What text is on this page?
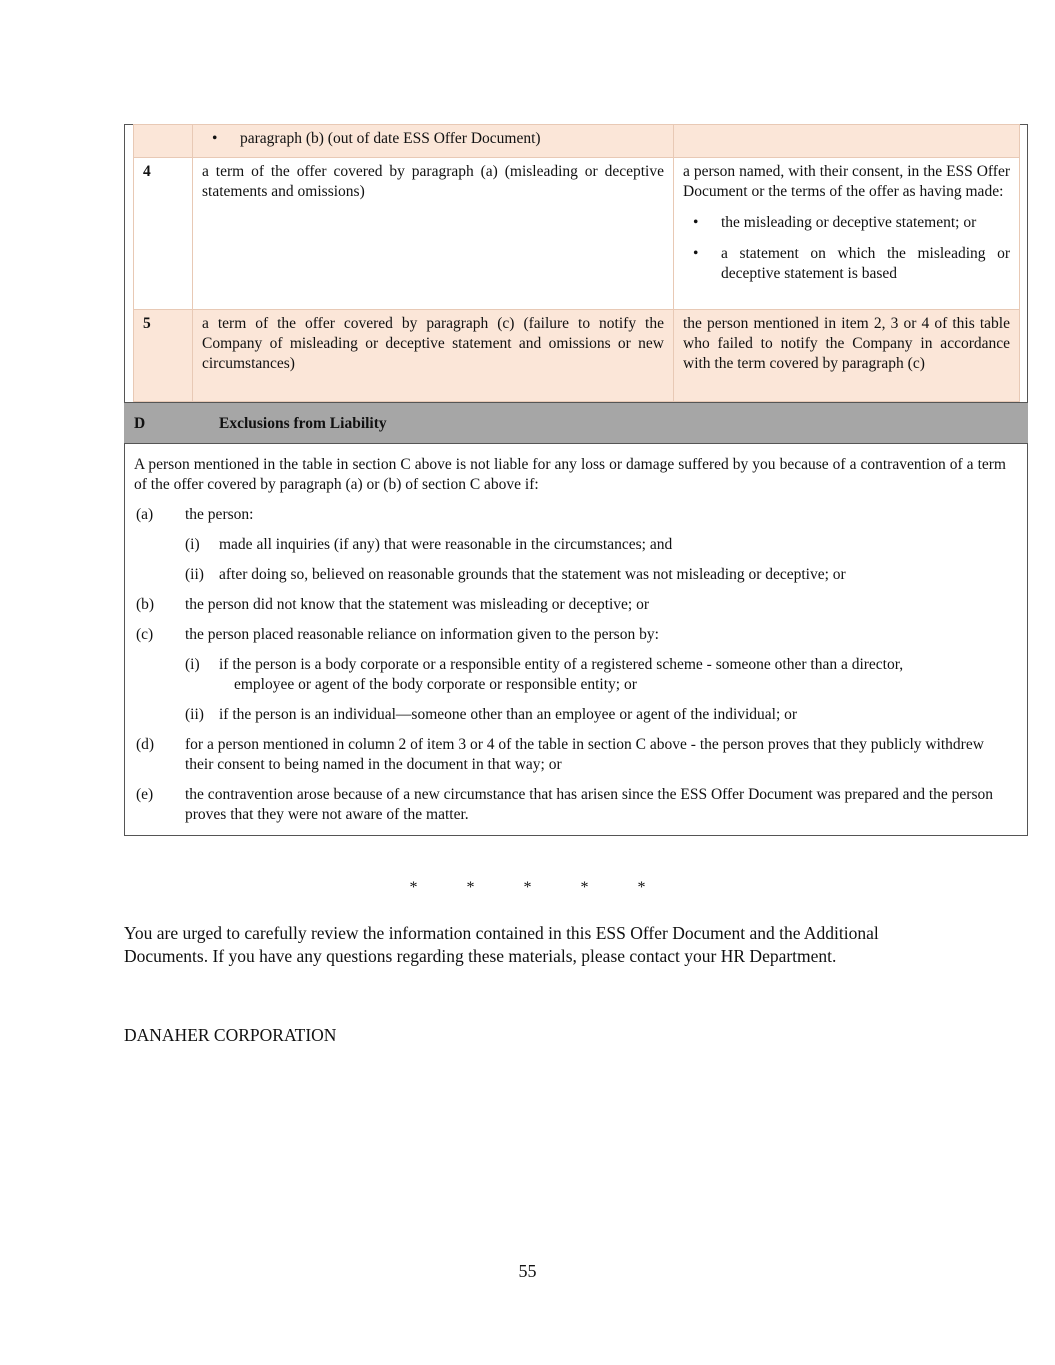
	• paragraph (b) (out of date ESS Offer Document)

4	a term of the offer covered by paragraph (a) (misleading or deceptive statements and omissions)	a person named, with their consent, in the ESS Offer Document or the terms of the offer as having made:
• the misleading or deceptive statement; or
• a statement on which the misleading or deceptive statement is based

5	a term of the offer covered by paragraph (c) (failure to notify the Company of misleading or deceptive statement and omissions or new circumstances)	the person mentioned in item 2, 3 or 4 of this table who failed to notify the Company in accordance with the term covered by paragraph (c)
D	Exclusions from Liability

A person mentioned in the table in section C above is not liable for any loss or damage suffered by you because of a contravention of a term of the offer covered by paragraph (a) or (b) of section C above if:

(a) the person:
(i) made all inquiries (if any) that were reasonable in the circumstances; and
(ii) after doing so, believed on reasonable grounds that the statement was not misleading or deceptive; or
(b) the person did not know that the statement was misleading or deceptive; or
(c) the person placed reasonable reliance on information given to the person by:
(i) if the person is a body corporate or a responsible entity of a registered scheme - someone other than a director,
employee or agent of the body corporate or responsible entity; or
(ii) if the person is an individual—someone other than an employee or agent of the individual; or
(d) for a person mentioned in column 2 of item 3 or 4 of the table in section C above - the person proves that they publicly withdrew their consent to being named in the document in that way; or
(e) the contravention arose because of a new circumstance that has arisen since the ESS Offer Document was prepared and the person proves that they were not aware of the matter.
*	*	*	*	*

You are urged to carefully review the information contained in this ESS Offer Document and the Additional Documents. If you have any questions regarding these materials, please contact your HR Department.

DANAHER CORPORATION
55
